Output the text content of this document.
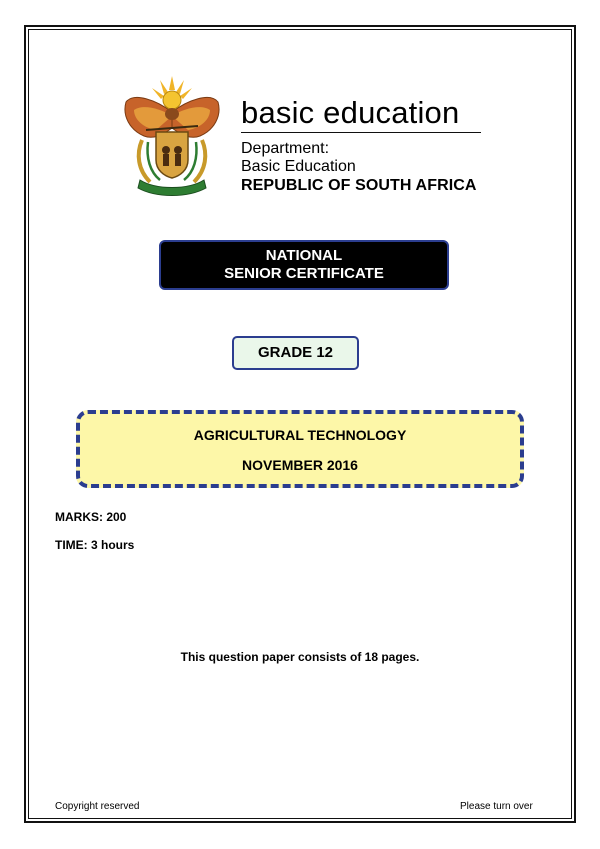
basic education
Department:
Basic Education
REPUBLIC OF SOUTH AFRICA
NATIONAL
SENIOR CERTIFICATE
GRADE 12
AGRICULTURAL TECHNOLOGY
NOVEMBER 2016
MARKS: 200
TIME: 3 hours
This question paper consists of 18 pages.
Copyright reserved	Please turn over
